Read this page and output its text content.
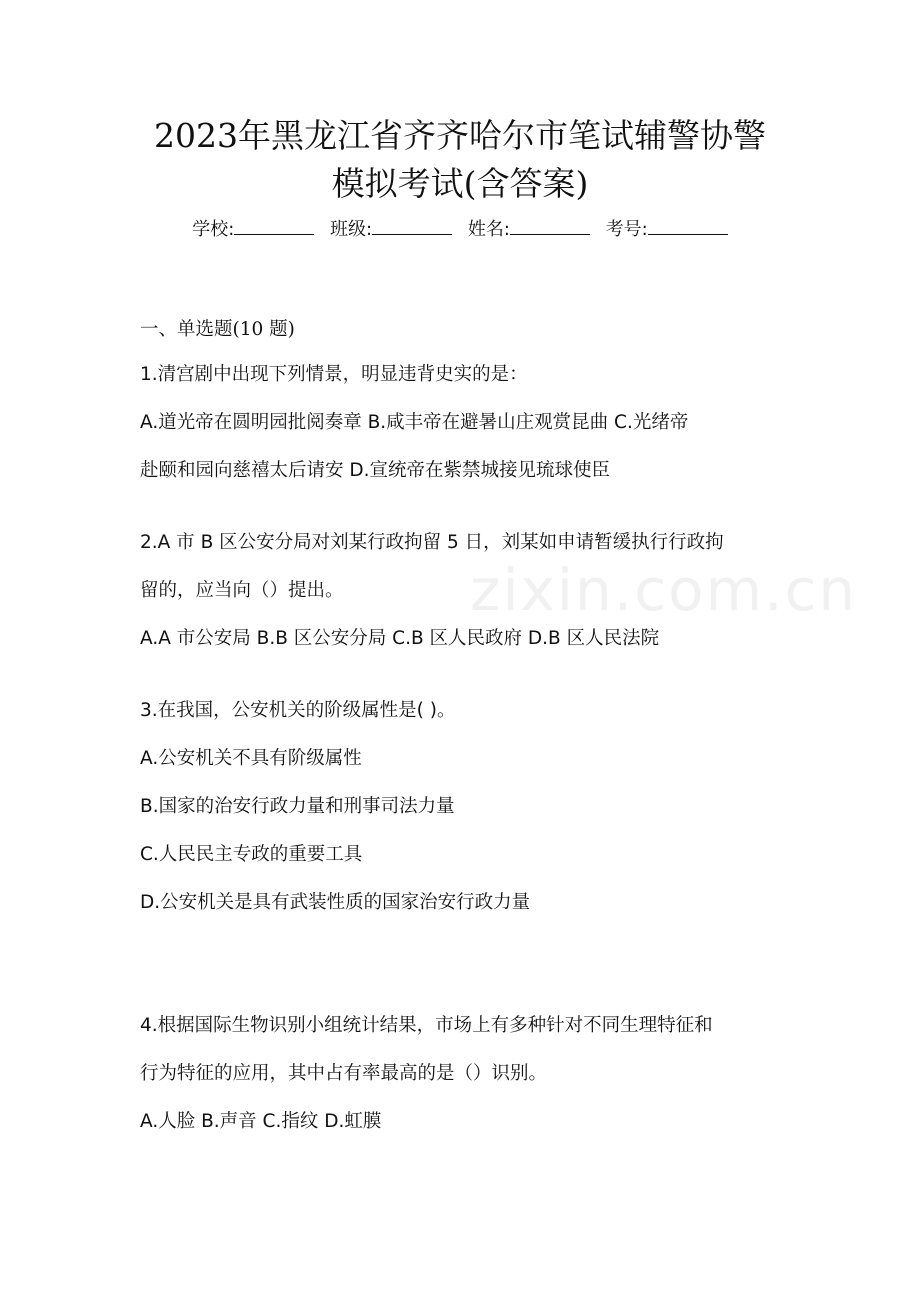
2023年黑龙江省齐齐哈尔市笔试辅警协警
模拟考试(含答案)
学校:	班级:	姓名:	考号:
一、单选题(10 题)
1.清宫剧中出现下列情景，明显违背史实的是：
A.道光帝在圆明园批阅奏章 B.咸丰帝在避暑山庄观赏昆曲 C.光绪帝
赴颐和园向慈禧太后请安 D.宣统帝在紫禁城接见琉球使臣
2.A 市 B 区公安分局对刘某行政拘留 5 日，刘某如申请暂缓执行行政拘
留的，应当向（）提出。
A.A 市公安局 B.B 区公安分局 C.B 区人民政府 D.B 区人民法院
3.在我国，公安机关的阶级属性是( )。
A.公安机关不具有阶级属性
B.国家的治安行政力量和刑事司法力量
C.人民民主专政的重要工具
D.公安机关是具有武装性质的国家治安行政力量
4.根据国际生物识别小组统计结果，市场上有多种针对不同生理特征和
行为特征的应用，其中占有率最高的是（）识别。
A.人脸 B.声音 C.指纹 D.虹膜
zixin.com.cn
